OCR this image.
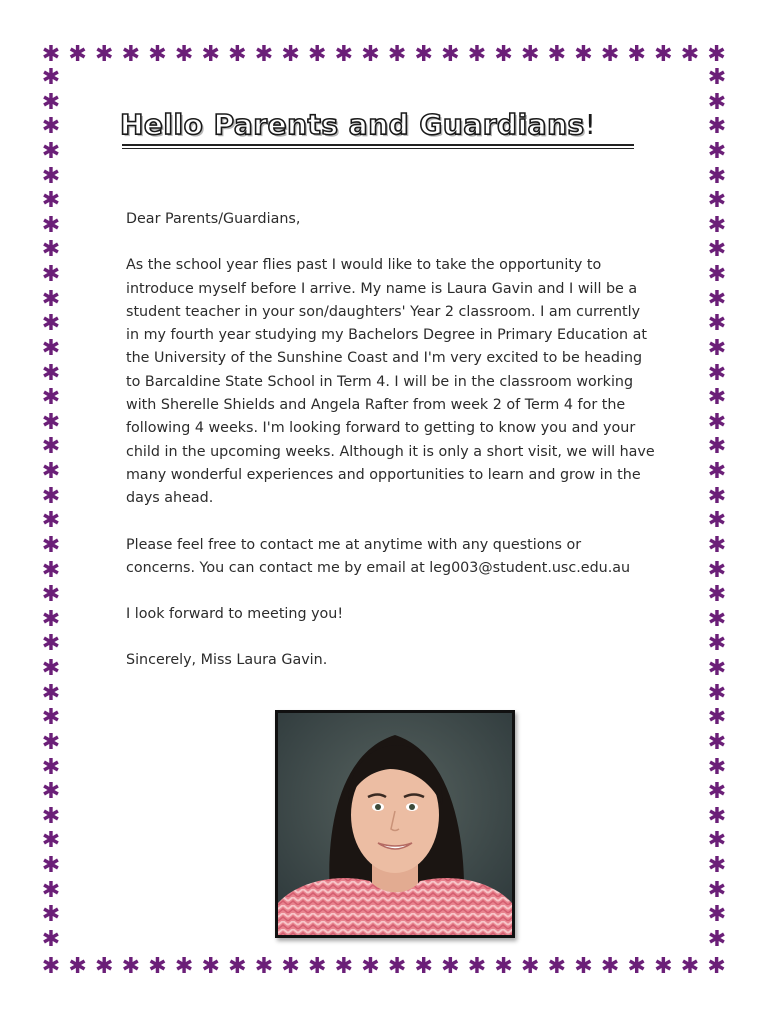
✱ ✱ ✱ ✱ ✱ ✱ ✱ ✱ ✱ ✱ ✱ ✱ ✱ ✱ ✱ ✱ ✱ ✱ ✱ ✱ ✱ ✱ ✱ ✱ ✱ ✱
✱ ✱ ✱ ✱ ✱ ✱ ✱ ✱ ✱ ✱ ✱ ✱ ✱ ✱ ✱ ✱ ✱ ✱ ✱ ✱ ✱ ✱ ✱ ✱ ✱ ✱
✱
✱
✱
✱
✱
✱
✱
✱
✱
✱
✱
✱
✱
✱
✱
✱
✱
✱
✱
✱
✱
✱
✱
✱
✱
✱
✱
✱
✱
✱
✱
✱
✱
✱
✱
✱
✱
✱
✱
✱
✱
✱
✱
✱
✱
✱
✱
✱
✱
✱
✱
✱
✱
✱
✱
✱
✱
✱
✱
✱
✱
✱
✱
✱
✱
✱
✱
✱
✱
✱
✱
✱
Hello Parents and Guardians!

Dear Parents/Guardians,

As the school year flies past I would like to take the opportunity to
introduce myself before I arrive. My name is Laura Gavin and I will be a
student teacher in your son/daughters' Year 2 classroom. I am currently
in my fourth year studying my Bachelors Degree in Primary Education at
the University of the Sunshine Coast and I'm very excited to be heading
to Barcaldine State School in Term 4. I will be in the classroom working
with Sherelle Shields and Angela Rafter from week 2 of Term 4 for the
following 4 weeks. I'm looking forward to getting to know you and your
child in the upcoming weeks. Although it is only a short visit, we will have
many wonderful experiences and opportunities to learn and grow in the
days ahead.
Please feel free to contact me at anytime with any questions or
concerns. You can contact me by email at leg003@student.usc.edu.au

I look forward to meeting you!

Sincerely, Miss Laura Gavin.
